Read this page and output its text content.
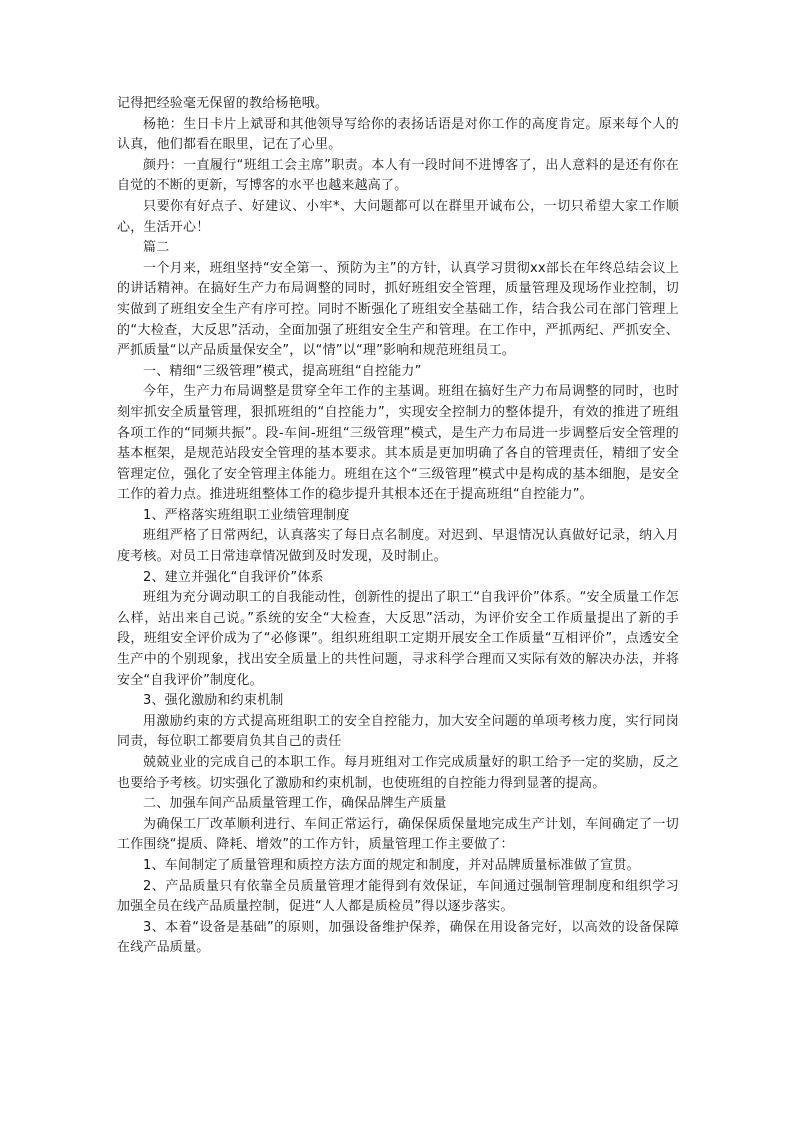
记得把经验毫无保留的教给杨艳哦。

杨艳：生日卡片上斌哥和其他领导写给你的表扬话语是对你工作的高度肯定。原来每个人的认真，他们都看在眼里，记在了心里。

颜丹：一直履行“班组工会主席”职责。本人有一段时间不进博客了，出人意料的是还有你在自觉的不断的更新，写博客的水平也越来越高了。

只要你有好点子、好建议、小牢*、大问题都可以在群里开诚布公，一切只希望大家工作顺心，生活开心！

篇二

一个月来，班组坚持“安全第一、预防为主”的方针，认真学习贯彻xx部长在年终总结会议上的讲话精神。在搞好生产力布局调整的同时，抓好班组安全管理，质量管理及现场作业控制，切实做到了班组安全生产有序可控。同时不断强化了班组安全基础工作，结合我公司在部门管理上的“大检查，大反思”活动，全面加强了班组安全生产和管理。在工作中，严抓两纪、严抓安全、严抓质量“以产品质量保安全”，以“情”以“理”影响和规范班组员工。

一、精细“三级管理”模式，提高班组“自控能力”

今年，生产力布局调整是贯穿全年工作的主基调。班组在搞好生产力布局调整的同时，也时刻牢抓安全质量管理，狠抓班组的“自控能力”，实现安全控制力的整体提升，有效的推进了班组各项工作的“同频共振”。段-车间-班组“三级管理”模式，是生产力布局进一步调整后安全管理的基本框架，是规范站段安全管理的基本要求。其本质是更加明确了各自的管理责任，精细了安全管理定位，强化了安全管理主体能力。班组在这个“三级管理”模式中是构成的基本细胞，是安全工作的着力点。推进班组整体工作的稳步提升其根本还在于提高班组“自控能力”。

1、严格落实班组职工业绩管理制度

班组严格了日常两纪，认真落实了每日点名制度。对迟到、早退情况认真做好记录，纳入月度考核。对员工日常违章情况做到及时发现，及时制止。

2、建立并强化“自我评价”体系

班组为充分调动职工的自我能动性，创新性的提出了职工“自我评价”体系。“安全质量工作怎么样，站出来自己说。”系统的安全“大检查，大反思”活动，为评价安全工作质量提出了新的手段，班组安全评价成为了“必修课”。组织班组职工定期开展安全工作质量“互相评价”，点透安全生产中的个别现象，找出安全质量上的共性问题，寻求科学合理而又实际有效的解决办法，并将安全“自我评价”制度化。

3、强化激励和约束机制

用激励约束的方式提高班组职工的安全自控能力，加大安全问题的单项考核力度，实行同岗同责，每位职工都要肩负其自己的责任

兢兢业业的完成自己的本职工作。每月班组对工作完成质量好的职工给予一定的奖励，反之也要给予考核。切实强化了激励和约束机制，也使班组的自控能力得到显著的提高。

二、加强车间产品质量管理工作，确保品牌生产质量

为确保工厂改革顺利进行、车间正常运行，确保保质保量地完成生产计划，车间确定了一切工作围绕“提质、降耗、增效”的工作方针，质量管理工作主要做了：

1、车间制定了质量管理和质控方法方面的规定和制度，并对品牌质量标准做了宣贯。

2、产品质量只有依靠全员质量管理才能得到有效保证，车间通过强制管理制度和组织学习加强全员在线产品质量控制，促进“人人都是质检员”得以逐步落实。

3、本着“设备是基础”的原则，加强设备维护保养，确保在用设备完好，以高效的设备保障在线产品质量。
